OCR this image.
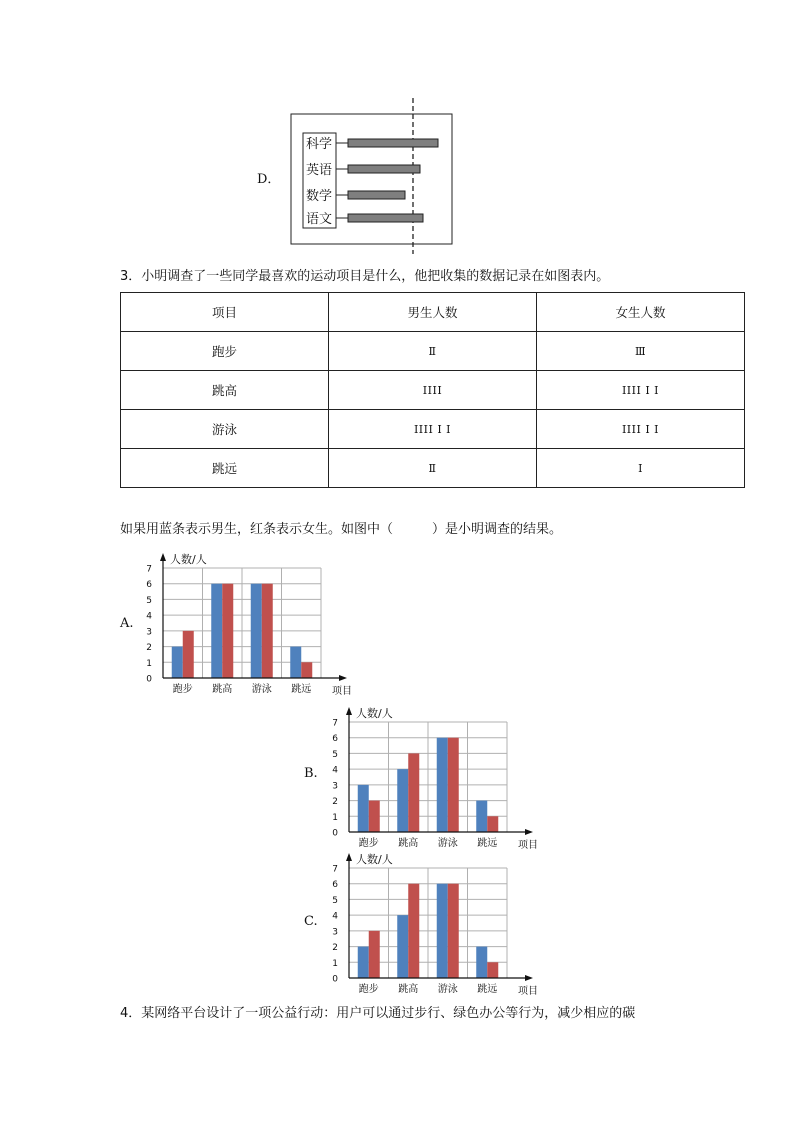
D．
科学
英语
数学
语文
3．小明调查了一些同学最喜欢的运动项目是什么，他把收集的数据记录在如图表内。
项目	男生人数	女生人数
跑步	Ⅱ	Ⅲ
跳高	IIII	IIII I I
游泳	IIII I I	IIII I I
跳远	Ⅱ	I
如果用蓝条表示男生，红条表示女生。如图中（　　　）是小明调查的结果。
A.
人数/人
0
1
2
3
4
5
6
7
跑步 跳高 游泳 跳远 项目
B.
人数/人
0
1
2
3
4
5
6
7
跑步 跳高 游泳 跳远 项目
C.
人数/人
0
1
2
3
4
5
6
7
跑步 跳高 游泳 跳远 项目
4．某网络平台设计了一项公益行动：用户可以通过步行、绿色办公等行为，减少相应的碳
